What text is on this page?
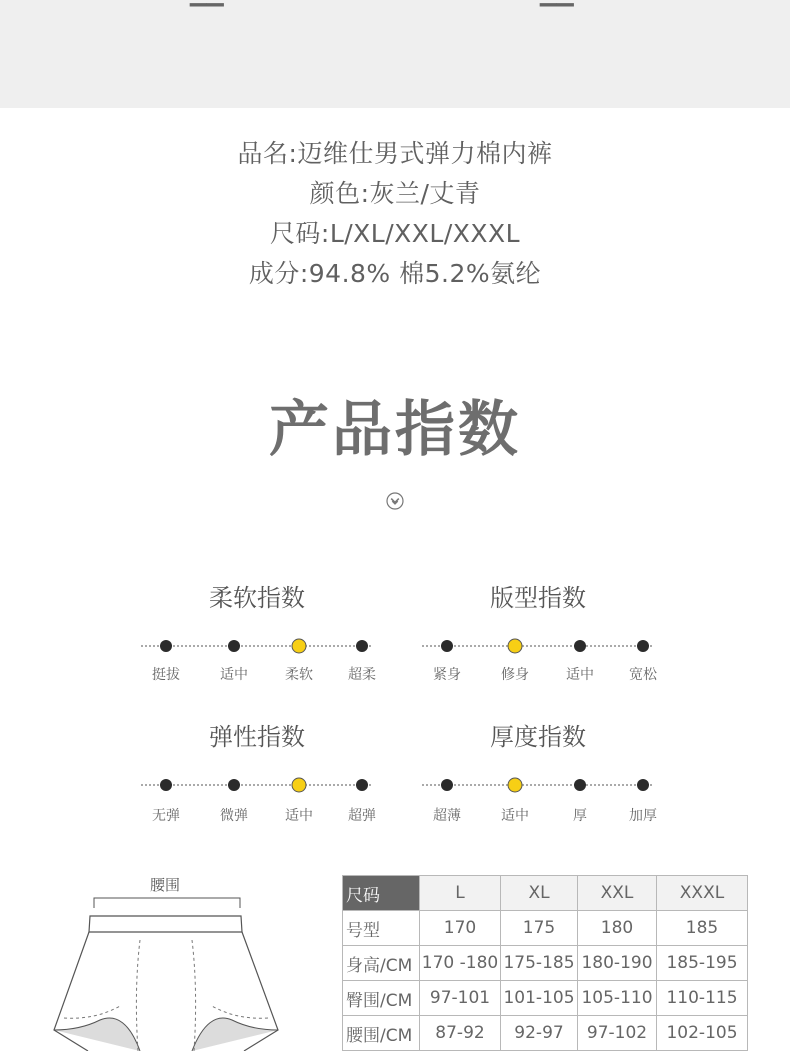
品名:迈维仕男式弹力棉内裤
颜色:灰兰/丈青
尺码:L/XL/XXL/XXXL
成分:94.8% 棉5.2%氨纶
产品指数
柔软指数
挺拔	适中	柔软	超柔
版型指数
紧身	修身	适中	宽松
弹性指数
无弹	微弹	适中	超弹
厚度指数
超薄	适中	厚	加厚
腰围
尺码	L	XL	XXL	XXXL
号型	170	175	180	185
身高/CM	170 -180	175-185	180-190	185-195
臀围/CM	97-101	101-105	105-110	110-115
腰围/CM	87-92	92-97	97-102	102-105
